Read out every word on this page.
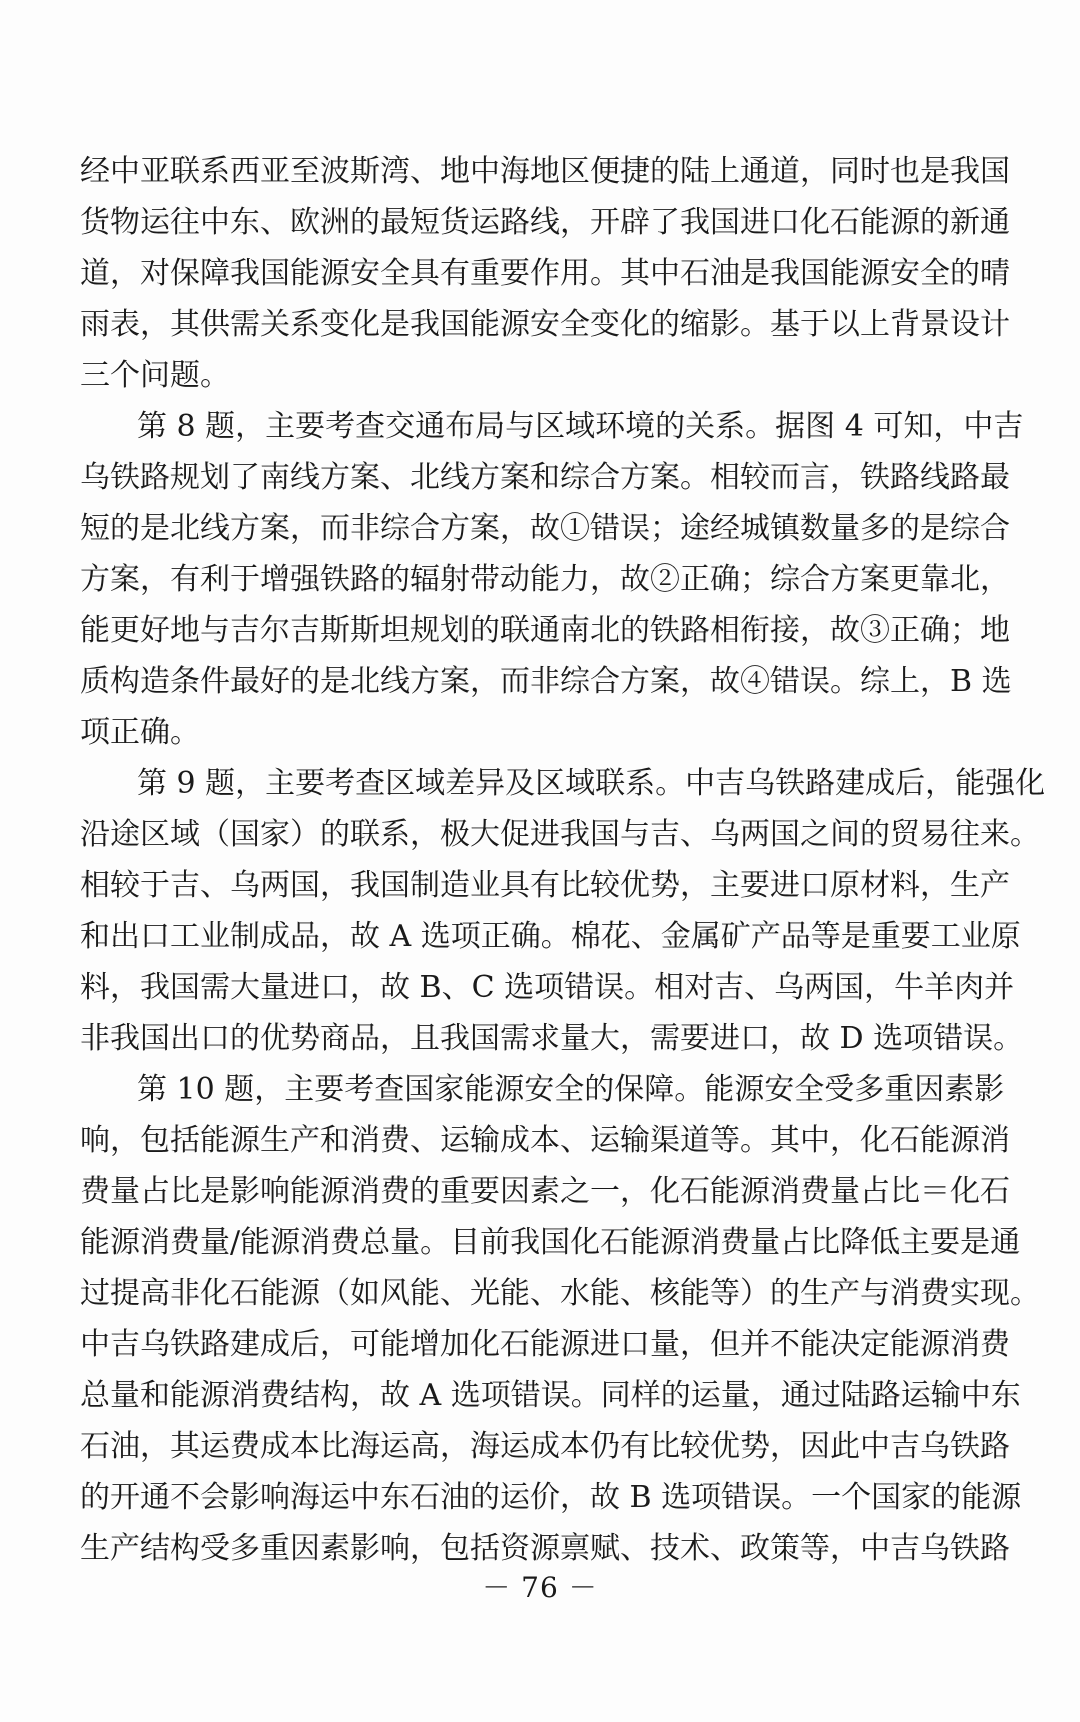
经中亚联系西亚至波斯湾、地中海地区便捷的陆上通道，同时也是我国
货物运往中东、欧洲的最短货运路线，开辟了我国进口化石能源的新通
道，对保障我国能源安全具有重要作用。其中石油是我国能源安全的晴
雨表，其供需关系变化是我国能源安全变化的缩影。基于以上背景设计
三个问题。
第 8 题，主要考查交通布局与区域环境的关系。据图 4 可知，中吉
乌铁路规划了南线方案、北线方案和综合方案。相较而言，铁路线路最
短的是北线方案，而非综合方案，故①错误；途经城镇数量多的是综合
方案，有利于增强铁路的辐射带动能力，故②正确；综合方案更靠北，
能更好地与吉尔吉斯斯坦规划的联通南北的铁路相衔接，故③正确；地
质构造条件最好的是北线方案，而非综合方案，故④错误。综上，B 选
项正确。
第 9 题，主要考查区域差异及区域联系。中吉乌铁路建成后，能强化
沿途区域（国家）的联系，极大促进我国与吉、乌两国之间的贸易往来。
相较于吉、乌两国，我国制造业具有比较优势，主要进口原材料，生产
和出口工业制成品，故 A 选项正确。棉花、金属矿产品等是重要工业原
料，我国需大量进口，故 B、C 选项错误。相对吉、乌两国，牛羊肉并
非我国出口的优势商品，且我国需求量大，需要进口，故 D 选项错误。
第 10 题，主要考查国家能源安全的保障。能源安全受多重因素影
响，包括能源生产和消费、运输成本、运输渠道等。其中，化石能源消
费量占比是影响能源消费的重要因素之一，化石能源消费量占比＝化石
能源消费量/能源消费总量。目前我国化石能源消费量占比降低主要是通
过提高非化石能源（如风能、光能、水能、核能等）的生产与消费实现。
中吉乌铁路建成后，可能增加化石能源进口量，但并不能决定能源消费
总量和能源消费结构，故 A 选项错误。同样的运量，通过陆路运输中东
石油，其运费成本比海运高，海运成本仍有比较优势，因此中吉乌铁路
的开通不会影响海运中东石油的运价，故 B 选项错误。一个国家的能源
生产结构受多重因素影响，包括资源禀赋、技术、政策等，中吉乌铁路
－ 76 －
